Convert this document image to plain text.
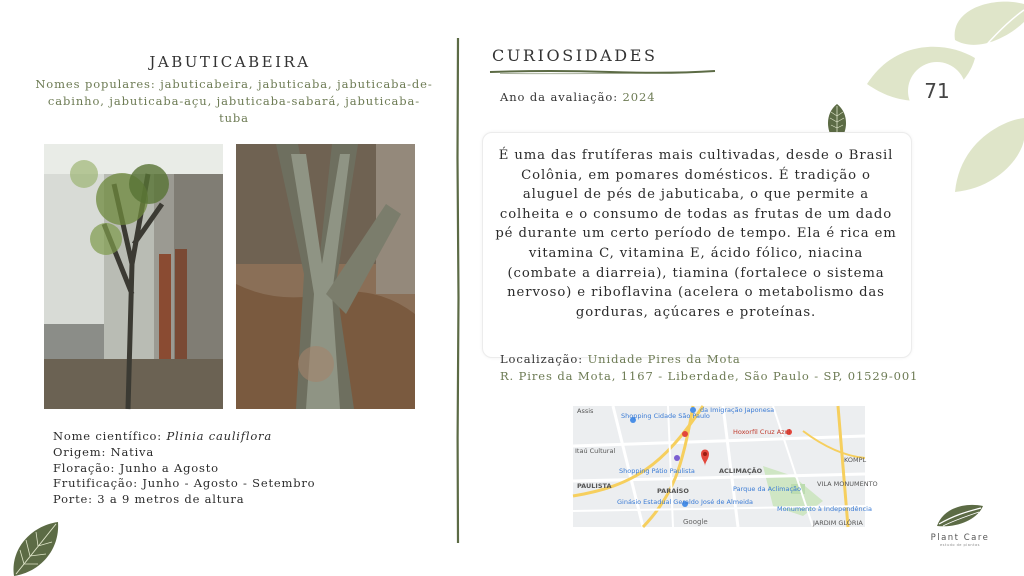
71
JABUTICABEIRA
Nomes populares: jabuticabeira, jabuticaba, jabuticaba-de-cabinho, jabuticaba-açu, jabuticaba-sabará, jabuticaba-tuba
Nome científico: Plinia cauliflora
Origem: Nativa
Floração: Junho a Agosto
Frutificação: Junho - Agosto - Setembro
Porte: 3 a 9 metros de altura
CURIOSIDADES
Ano da avaliação: 2024
É uma das frutíferas mais cultivadas, desde o Brasil Colônia, em pomares domésticos. É tradição o aluguel de pés de jabuticaba, o que permite a colheita e o consumo de todas as frutas de um dado pé durante um certo período de tempo. Ela é rica em vitamina C, vitamina E, ácido fólico, niacina (combate a diarreia), tiamina (fortalece o sistema nervoso) e riboflavina (acelera o metabolismo das gorduras, açúcares e proteínas.
Localização: Unidade Pires da Mota
R. Pires da Mota, 1167 - Liberdade, São Paulo - SP, 01529-001
Assis
Shopping Cidade São Paulo
da Imigração Japonesa
Hoxorfil Cruz Azul
Itaú Cultural
Shopping Pátio Paulista	ACLIMAÇÃO
KOMPL
PAULISTA
PARAÍSO	Parque da Aclimação
VILA MONUMENTO
Ginásio Estadual Geraldo José de Almeida
Monumento à Independência
JARDIM GLÓRIA
Google
Plant Care
estudo de plantas
